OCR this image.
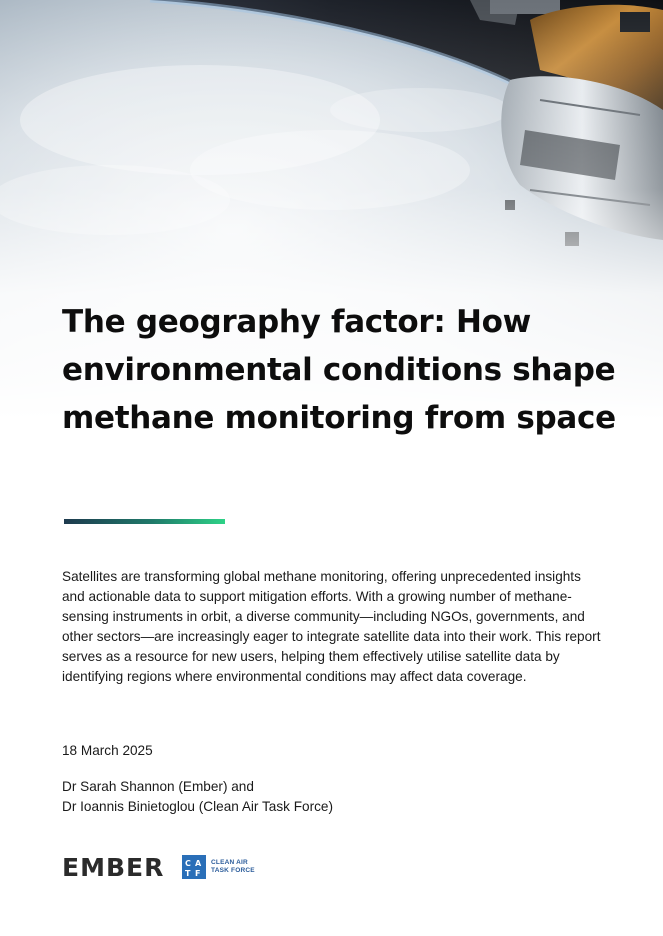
The geography factor: How environmental conditions shape methane monitoring from space

Satellites are transforming global methane monitoring, offering unprecedented insights and actionable data to support mitigation efforts. With a growing number of methane-sensing instruments in orbit, a diverse community—including NGOs, governments, and other sectors—are increasingly eager to integrate satellite data into their work. This report serves as a resource for new users, helping them effectively utilise satellite data by identifying regions where environmental conditions may affect data coverage.

18 March 2025

Dr Sarah Shannon (Ember) and
Dr Ioannis Binietoglou (Clean Air Task Force)

EMBER	C A
T F
CLEAN AIR
TASK FORCE
